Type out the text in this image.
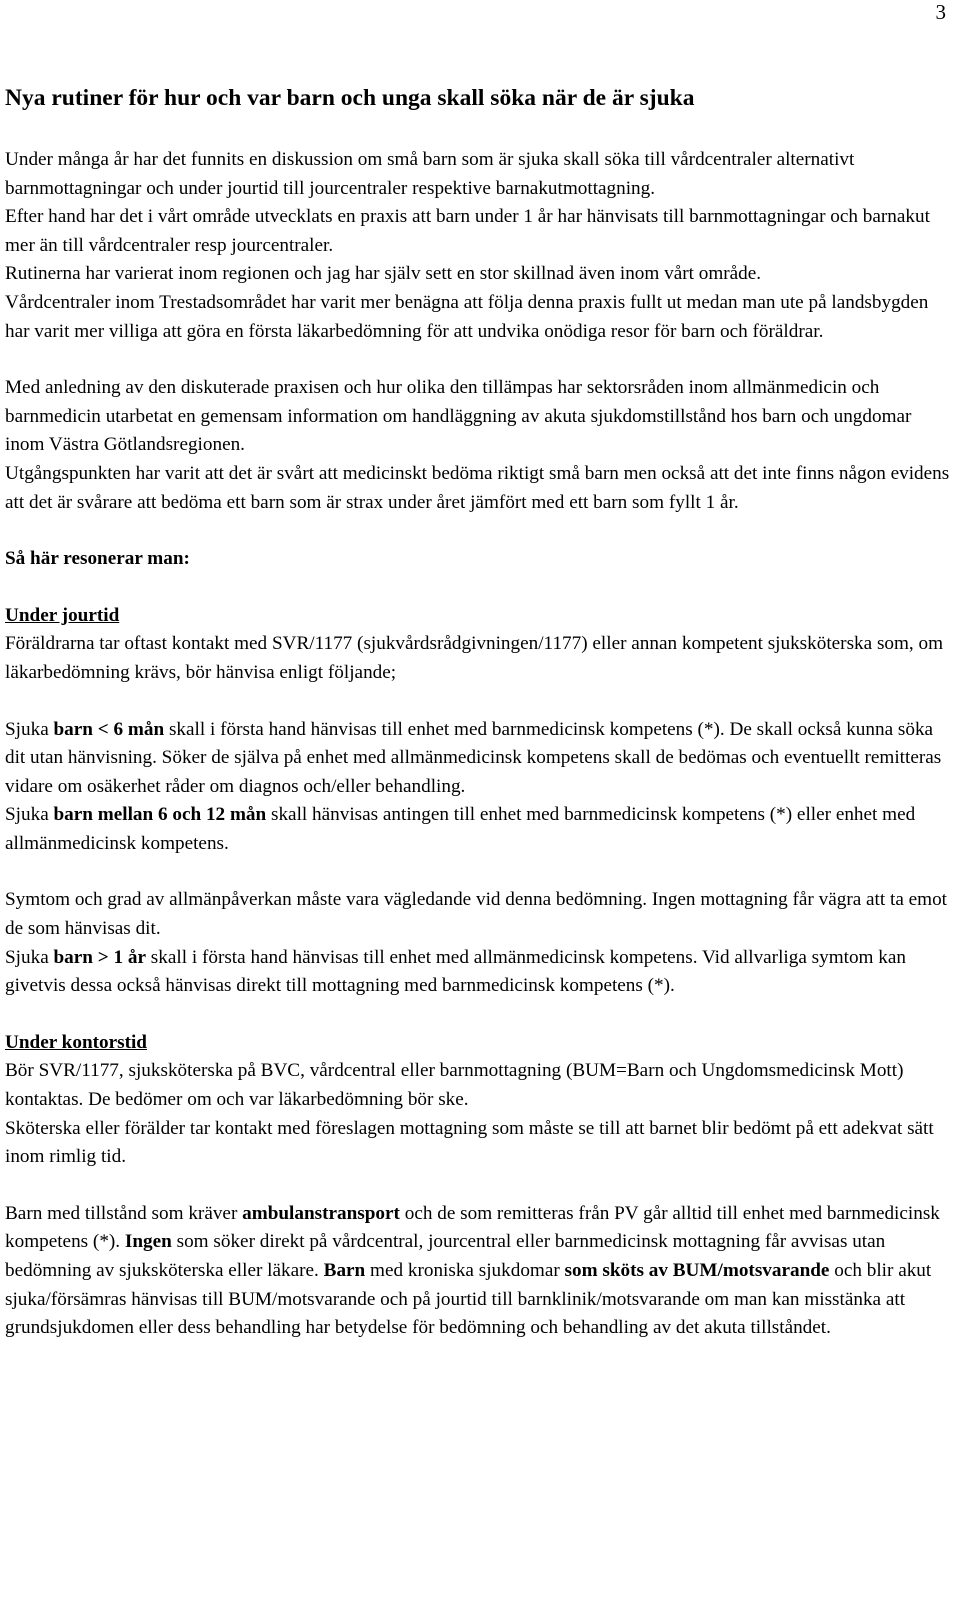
3
Nya rutiner för hur och var barn och unga skall söka när de är sjuka

Under många år har det funnits en diskussion om små barn som är sjuka skall söka till vårdcentraler alternativt barnmottagningar och under jourtid till jourcentraler respektive barnakutmottagning.

Efter hand har det i vårt område utvecklats en praxis att barn under 1 år har hänvisats till barnmottagningar och barnakut mer än till vårdcentraler resp jourcentraler.

Rutinerna har varierat inom regionen och jag har själv sett en stor skillnad även inom vårt område.

Vårdcentraler inom Trestadsområdet har varit mer benägna att följa denna praxis fullt ut medan man ute på landsbygden har varit mer villiga att göra en första läkarbedömning för att undvika onödiga resor för barn och föräldrar.

Med anledning av den diskuterade praxisen och hur olika den tillämpas har sektorsråden inom allmänmedicin och barnmedicin utarbetat en gemensam information om handläggning av akuta sjukdomstillstånd hos barn och ungdomar inom Västra Götlandsregionen.

Utgångspunkten har varit att det är svårt att medicinskt bedöma riktigt små barn men också att det inte finns någon evidens att det är svårare att bedöma ett barn som är strax under året jämfört med ett barn som fyllt 1 år.

Så här resonerar man:
Under jourtid

Föräldrarna tar oftast kontakt med SVR/1177 (sjukvårdsrådgivningen/1177) eller annan kompetent sjuksköterska som, om läkarbedömning krävs, bör hänvisa enligt följande;

Sjuka barn < 6 mån skall i första hand hänvisas till enhet med barnmedicinsk kompetens (*). De skall också kunna söka dit utan hänvisning. Söker de själva på enhet med allmänmedicinsk kompetens skall de bedömas och eventuellt remitteras vidare om osäkerhet råder om diagnos och/eller behandling.

Sjuka barn mellan 6 och 12 mån skall hänvisas antingen till enhet med barnmedicinsk kompetens (*) eller enhet med allmänmedicinsk kompetens.

Symtom och grad av allmänpåverkan måste vara vägledande vid denna bedömning. Ingen mottagning får vägra att ta emot de som hänvisas dit.

Sjuka barn > 1 år skall i första hand hänvisas till enhet med allmänmedicinsk kompetens. Vid allvarliga symtom kan givetvis dessa också hänvisas direkt till mottagning med barnmedicinsk kompetens (*).

Under kontorstid

Bör SVR/1177, sjuksköterska på BVC, vårdcentral eller barnmottagning (BUM=Barn och Ungdomsmedicinsk Mott) kontaktas. De bedömer om och var läkarbedömning bör ske.

Sköterska eller förälder tar kontakt med föreslagen mottagning som måste se till att barnet blir bedömt på ett adekvat sätt inom rimlig tid.

Barn med tillstånd som kräver ambulanstransport och de som remitteras från PV går alltid till enhet med barnmedicinsk kompetens (*). Ingen som söker direkt på vårdcentral, jourcentral eller barnmedicinsk mottagning får avvisas utan bedömning av sjuksköterska eller läkare. Barn med kroniska sjukdomar som sköts av BUM/motsvarande och blir akut sjuka/försämras hänvisas till BUM/motsvarande och på jourtid till barnklinik/motsvarande om man kan misstänka att grundsjukdomen eller dess behandling har betydelse för bedömning och behandling av det akuta tillståndet.
